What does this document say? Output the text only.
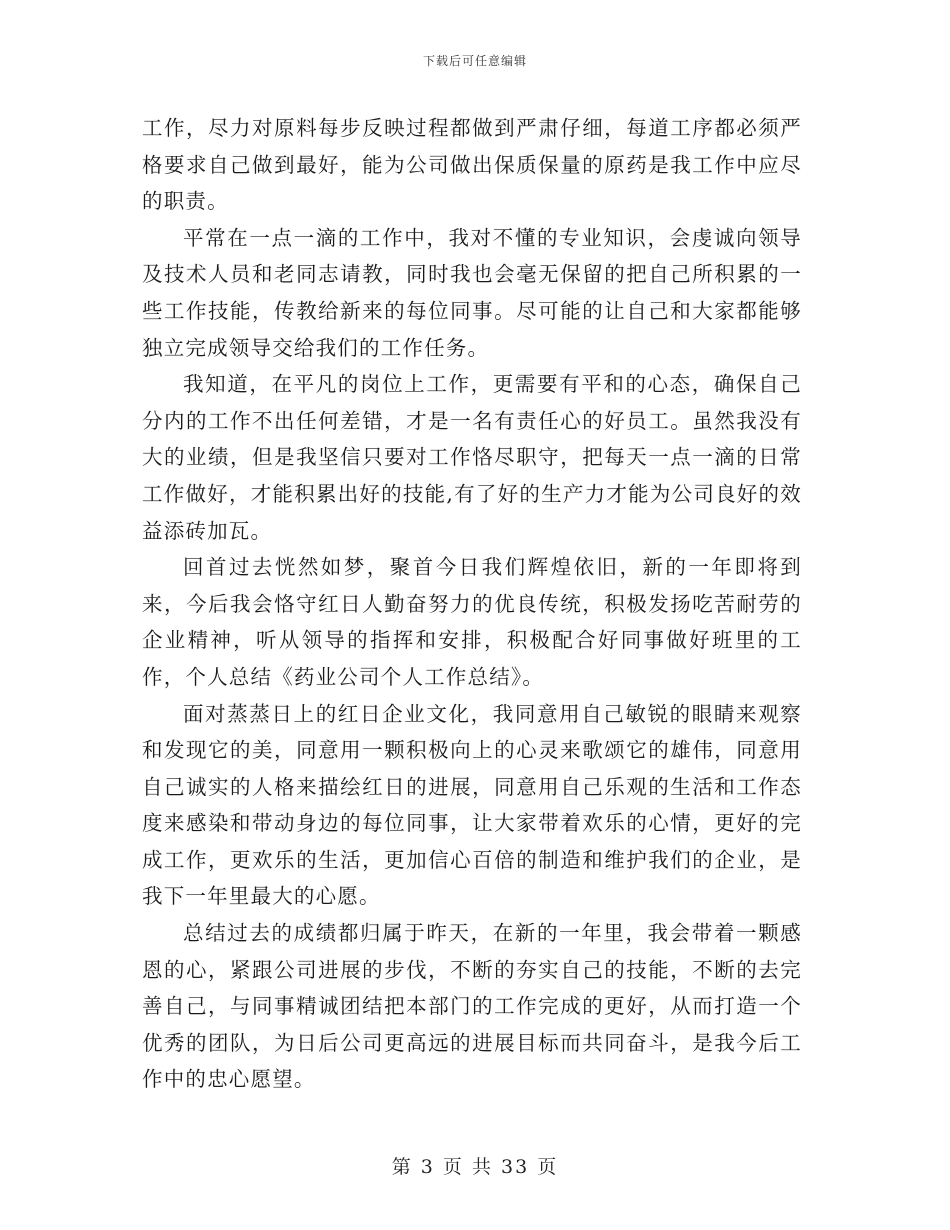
下载后可任意编辑

工作，尽力对原料每步反映过程都做到严肃仔细，每道工序都必须严格要求自己做到最好，能为公司做出保质保量的原药是我工作中应尽的职责。

平常在一点一滴的工作中，我对不懂的专业知识，会虔诚向领导及技术人员和老同志请教，同时我也会毫无保留的把自己所积累的一些工作技能，传教给新来的每位同事。尽可能的让自己和大家都能够独立完成领导交给我们的工作任务。

我知道，在平凡的岗位上工作，更需要有平和的心态，确保自己分内的工作不出任何差错，才是一名有责任心的好员工。虽然我没有大的业绩，但是我坚信只要对工作恪尽职守，把每天一点一滴的日常工作做好，才能积累出好的技能,有了好的生产力才能为公司良好的效益添砖加瓦。

回首过去恍然如梦，聚首今日我们辉煌依旧，新的一年即将到来，今后我会恪守红日人勤奋努力的优良传统，积极发扬吃苦耐劳的企业精神，听从领导的指挥和安排，积极配合好同事做好班里的工作，个人总结《药业公司个人工作总结》。

面对蒸蒸日上的红日企业文化，我同意用自己敏锐的眼睛来观察和发现它的美，同意用一颗积极向上的心灵来歌颂它的雄伟，同意用自己诚实的人格来描绘红日的进展，同意用自己乐观的生活和工作态度来感染和带动身边的每位同事，让大家带着欢乐的心情，更好的完成工作，更欢乐的生活，更加信心百倍的制造和维护我们的企业，是我下一年里最大的心愿。

总结过去的成绩都归属于昨天，在新的一年里，我会带着一颗感恩的心，紧跟公司进展的步伐，不断的夯实自己的技能，不断的去完善自己，与同事精诚团结把本部门的工作完成的更好，从而打造一个优秀的团队，为日后公司更高远的进展目标而共同奋斗，是我今后工作中的忠心愿望。

第 3 页 共 33 页
